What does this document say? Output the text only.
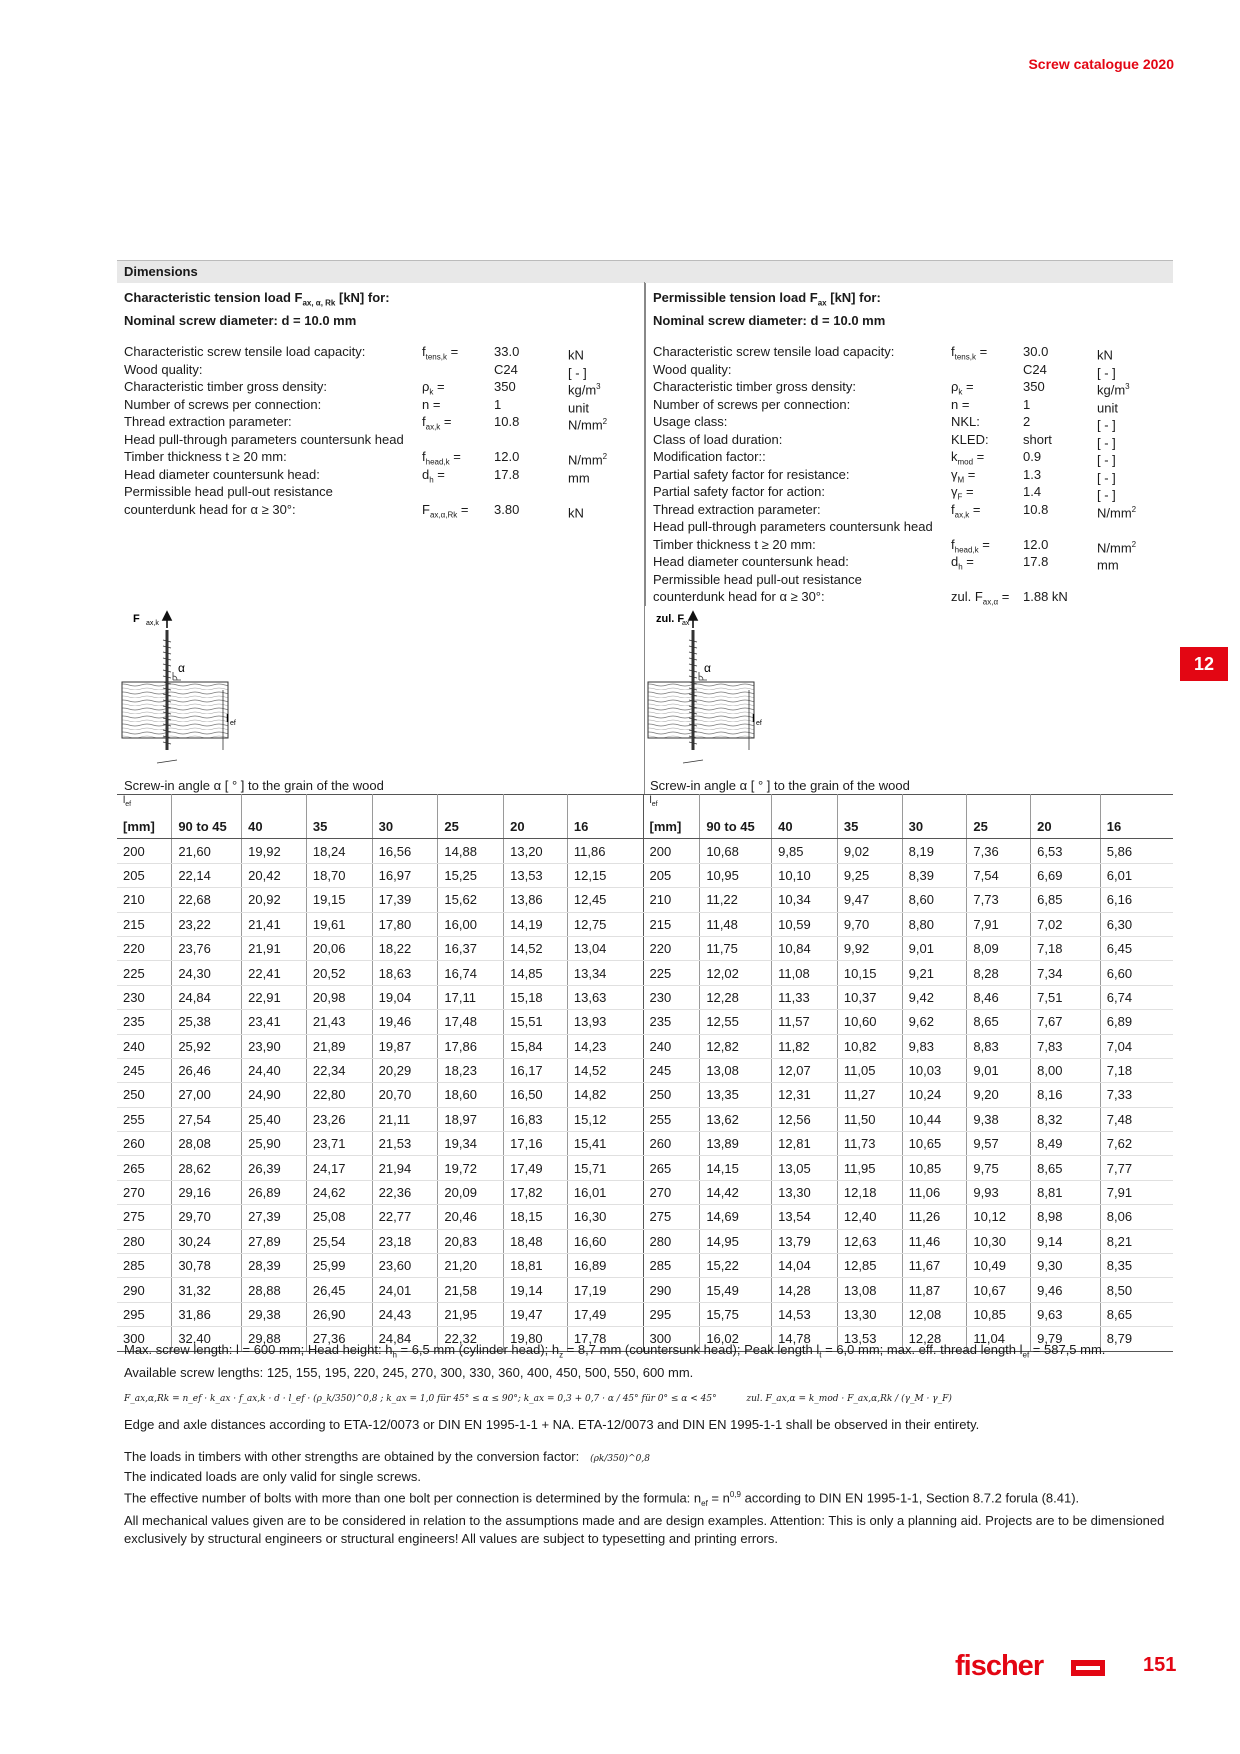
Screw catalogue 2020
12
Dimensions
Characteristic tension load $F_{ax, \alpha, Rk}$ [kN] for:
Nominal screw diameter: d = 10.0 mm
Characteristic screw tensile load capacity:	$f_{tens,k}$ =	33.0	kN
Wood quality:	C24	[ - ]
Characteristic timber gross density:	$\rho_k$ =	350	$kg/m^3$
Number of screws per connection:	n =	1	unit
Thread extraction parameter:	$f_{ax,k}$ =	10.8	$N/mm^2$
Head pull-through parameters countersunk head
Timber thickness t ≥ 20 mm:	$f_{head,k}$ =	12.0	$N/mm^2$
Head diameter countersunk head:	$d_h$ =	17.8	mm
Permissible head pull-out resistance
counterdunk head for α ≥ 30°:	$F_{ax,\alpha,Rk}$ =	3.80	kN
Permissible tension load $F_{ax}$ [kN] for:
Nominal screw diameter: d = 10.0 mm
Characteristic screw tensile load capacity:	$f_{tens,k}$ =	30.0	kN
Wood quality:	C24	[ - ]
Characteristic timber gross density:	$\rho_k$ =	350	$kg/m^3$
Number of screws per connection:	n =	1	unit
Usage class:	NKL:	2	[ - ]
Class of load duration:	KLED:	short	[ - ]
Modification factor::	$k_{mod}$ =	0.9	[ - ]
Partial safety factor for resistance:	$\gamma_M$ =	1.3	[ - ]
Partial safety factor for action:	$\gamma_F$ =	1.4	[ - ]
Thread extraction parameter:	$f_{ax,k}$ =	10.8	$N/mm^2$
Head pull-through parameters countersunk head
Timber thickness t ≥ 20 mm:	$f_{head,k}$ =	12.0	$N/mm^2$
Head diameter countersunk head:	$d_h$ =	17.8	mm
Permissible head pull-out resistance
counterdunk head for α ≥ 30°:	zul. $F_{ax,\alpha}$ =	1.88 kN
F ax,k
α
l ef
Screw-in angle α [ ° ] to the grain of the wood
zul. F
ax
α
l ef
Screw-in angle α [ ° ] to the grain of the wood
$l_{ef}$								$l_{ef}$							
[mm]	90 to 45	40	35	30	25	20	16	[mm]	90 to 45	40	35	30	25	20	16
200	21,60	19,92	18,24	16,56	14,88	13,20	11,86	200	10,68	9,85	9,02	8,19	7,36	6,53	5,86
205	22,14	20,42	18,70	16,97	15,25	13,53	12,15	205	10,95	10,10	9,25	8,39	7,54	6,69	6,01
210	22,68	20,92	19,15	17,39	15,62	13,86	12,45	210	11,22	10,34	9,47	8,60	7,73	6,85	6,16
215	23,22	21,41	19,61	17,80	16,00	14,19	12,75	215	11,48	10,59	9,70	8,80	7,91	7,02	6,30
220	23,76	21,91	20,06	18,22	16,37	14,52	13,04	220	11,75	10,84	9,92	9,01	8,09	7,18	6,45
225	24,30	22,41	20,52	18,63	16,74	14,85	13,34	225	12,02	11,08	10,15	9,21	8,28	7,34	6,60
230	24,84	22,91	20,98	19,04	17,11	15,18	13,63	230	12,28	11,33	10,37	9,42	8,46	7,51	6,74
235	25,38	23,41	21,43	19,46	17,48	15,51	13,93	235	12,55	11,57	10,60	9,62	8,65	7,67	6,89
240	25,92	23,90	21,89	19,87	17,86	15,84	14,23	240	12,82	11,82	10,82	9,83	8,83	7,83	7,04
245	26,46	24,40	22,34	20,29	18,23	16,17	14,52	245	13,08	12,07	11,05	10,03	9,01	8,00	7,18
250	27,00	24,90	22,80	20,70	18,60	16,50	14,82	250	13,35	12,31	11,27	10,24	9,20	8,16	7,33
255	27,54	25,40	23,26	21,11	18,97	16,83	15,12	255	13,62	12,56	11,50	10,44	9,38	8,32	7,48
260	28,08	25,90	23,71	21,53	19,34	17,16	15,41	260	13,89	12,81	11,73	10,65	9,57	8,49	7,62
265	28,62	26,39	24,17	21,94	19,72	17,49	15,71	265	14,15	13,05	11,95	10,85	9,75	8,65	7,77
270	29,16	26,89	24,62	22,36	20,09	17,82	16,01	270	14,42	13,30	12,18	11,06	9,93	8,81	7,91
275	29,70	27,39	25,08	22,77	20,46	18,15	16,30	275	14,69	13,54	12,40	11,26	10,12	8,98	8,06
280	30,24	27,89	25,54	23,18	20,83	18,48	16,60	280	14,95	13,79	12,63	11,46	10,30	9,14	8,21
285	30,78	28,39	25,99	23,60	21,20	18,81	16,89	285	15,22	14,04	12,85	11,67	10,49	9,30	8,35
290	31,32	28,88	26,45	24,01	21,58	19,14	17,19	290	15,49	14,28	13,08	11,87	10,67	9,46	8,50
295	31,86	29,38	26,90	24,43	21,95	19,47	17,49	295	15,75	14,53	13,30	12,08	10,85	9,63	8,65
300	32,40	29,88	27,36	24,84	22,32	19,80	17,78	300	16,02	14,78	13,53	12,28	11,04	9,79	8,79

Max. screw length: l = 600 mm; Head height: $h_h = 6,5$ mm (cylinder head); $h_z = 8,7$ mm (countersunk head); Peak length $l_t = 6,0$ mm; max. eff. thread length $l_{ef} = 587,5$ mm.

Available screw lengths: 125, 155, 195, 220, 245, 270, 300, 330, 360, 400, 450, 500, 550, 600 mm.

F_ax,α,Rk = n_ef · k_ax · f_ax,k · d · l_ef · (ρ_k/350)^0,8 ; k_ax = 1,0 für 45° ≤ α ≤ 90°; k_ax = 0,3 + 0,7 · α / 45° für 0° ≤ α < 45°	zul. F_ax,α = k_mod · F_ax,α,Rk / (γ_M · γ_F)

Edge and axle distances according to ETA-12/0073 or DIN EN 1995-1-1 + NA. ETA-12/0073 and DIN EN 1995-1-1 shall be observed in their entirety.

The loads in timbers with other strengths are obtained by the conversion factor: (ρk/350)^0,8

The indicated loads are only valid for single screws.

The effective number of bolts with more than one bolt per connection is determined by the formula: $n_{ef} = n^{0,9}$ according to DIN EN 1995-1-1, Section 8.7.2 forula (8.41).

All mechanical values given are to be considered in relation to the assumptions made and are design examples. Attention: This is only a planning aid. Projects are to be dimensioned exclusively by structural engineers or structural engineers! All values are subject to typesetting and printing errors.

fischer	151
